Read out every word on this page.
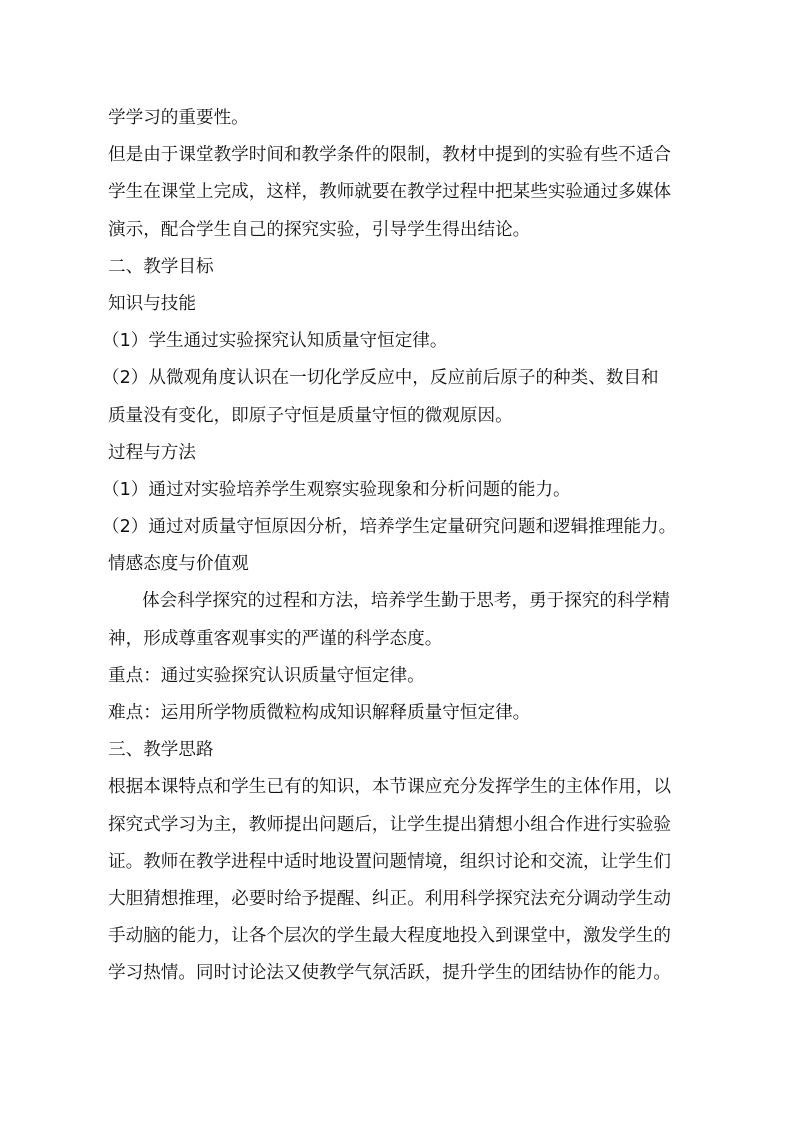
学学习的重要性。
但是由于课堂教学时间和教学条件的限制，教材中提到的实验有些不适合
学生在课堂上完成，这样，教师就要在教学过程中把某些实验通过多媒体
演示，配合学生自己的探究实验，引导学生得出结论。
二、教学目标
知识与技能
（1）学生通过实验探究认知质量守恒定律。
（2）从微观角度认识在一切化学反应中，反应前后原子的种类、数目和
质量没有变化，即原子守恒是质量守恒的微观原因。
过程与方法
（1）通过对实验培养学生观察实验现象和分析问题的能力。
（2）通过对质量守恒原因分析，培养学生定量研究问题和逻辑推理能力。
情感态度与价值观
体会科学探究的过程和方法，培养学生勤于思考，勇于探究的科学精
神，形成尊重客观事实的严谨的科学态度。
重点：通过实验探究认识质量守恒定律。
难点：运用所学物质微粒构成知识解释质量守恒定律。
三、教学思路
根据本课特点和学生已有的知识，本节课应充分发挥学生的主体作用，以
探究式学习为主，教师提出问题后，让学生提出猜想小组合作进行实验验
证。教师在教学进程中适时地设置问题情境，组织讨论和交流，让学生们
大胆猜想推理，必要时给予提醒、纠正。利用科学探究法充分调动学生动
手动脑的能力，让各个层次的学生最大程度地投入到课堂中，激发学生的
学习热情。同时讨论法又使教学气氛活跃，提升学生的团结协作的能力。
